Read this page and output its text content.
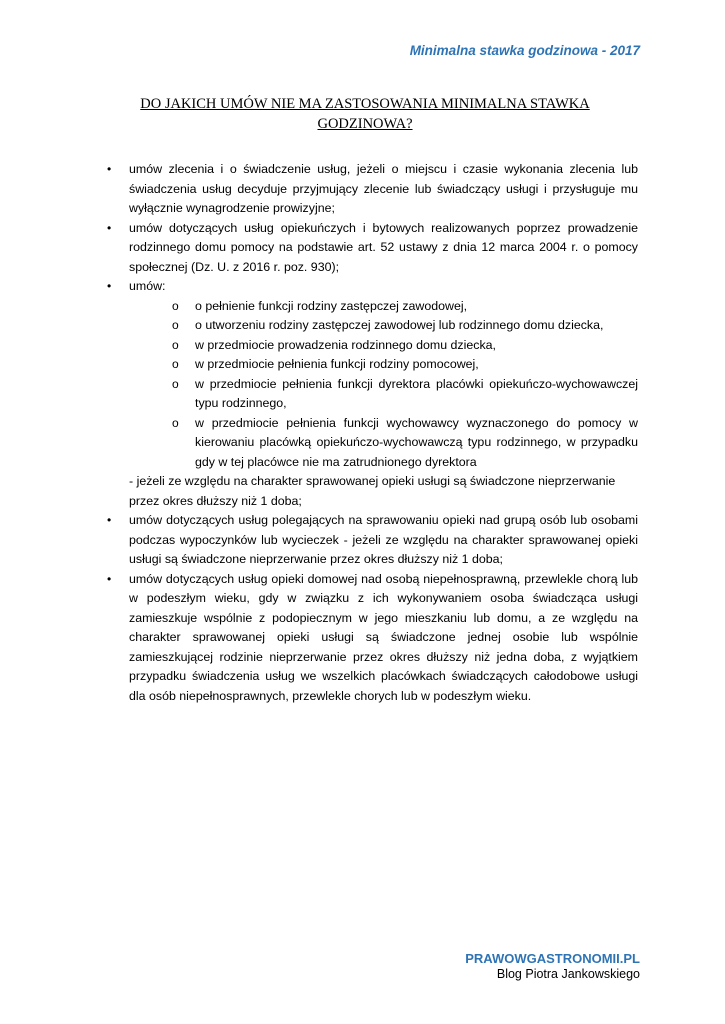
Minimalna stawka godzinowa - 2017
DO JAKICH UMÓW NIE MA ZASTOSOWANIA MINIMALNA STAWKA GODZINOWA?
•	umów zlecenia i o świadczenie usług, jeżeli o miejscu i czasie wykonania zlecenia lub świadczenia usług decyduje przyjmujący zlecenie lub świadczący usługi i przysługuje mu wyłącznie wynagrodzenie prowizyjne;
•	umów dotyczących usług opiekuńczych i bytowych realizowanych poprzez prowadzenie rodzinnego domu pomocy na podstawie art. 52 ustawy z dnia 12 marca 2004 r. o pomocy społecznej (Dz. U. z 2016 r. poz. 930);
•	umów:
o o pełnienie funkcji rodziny zastępczej zawodowej,
o o utworzeniu rodziny zastępczej zawodowej lub rodzinnego domu dziecka,
o w przedmiocie prowadzenia rodzinnego domu dziecka,
o w przedmiocie pełnienia funkcji rodziny pomocowej,
o w przedmiocie pełnienia funkcji dyrektora placówki opiekuńczo-wychowawczej typu rodzinnego,
o w przedmiocie pełnienia funkcji wychowawcy wyznaczonego do pomocy w kierowaniu placówką opiekuńczo-wychowawczą typu rodzinnego, w przypadku gdy w tej placówce nie ma zatrudnionego dyrektora
- jeżeli ze względu na charakter sprawowanej opieki usługi są świadczone nieprzerwanie przez okres dłuższy niż 1 doba;
•	umów dotyczących usług polegających na sprawowaniu opieki nad grupą osób lub osobami podczas wypoczynków lub wycieczek - jeżeli ze względu na charakter sprawowanej opieki usługi są świadczone nieprzerwanie przez okres dłuższy niż 1 doba;
•	umów dotyczących usług opieki domowej nad osobą niepełnosprawną, przewlekle chorą lub w podeszłym wieku, gdy w związku z ich wykonywaniem osoba świadcząca usługi zamieszkuje wspólnie z podopiecznym w jego mieszkaniu lub domu, a ze względu na charakter sprawowanej opieki usługi są świadczone jednej osobie lub wspólnie zamieszkującej rodzinie nieprzerwanie przez okres dłuższy niż jedna doba, z wyjątkiem przypadku świadczenia usług we wszelkich placówkach świadczących całodobowe usługi dla osób niepełnosprawnych, przewlekle chorych lub w podeszłym wieku.
PRAWOWGASTRONOMII.PL
Blog Piotra Jankowskiego
